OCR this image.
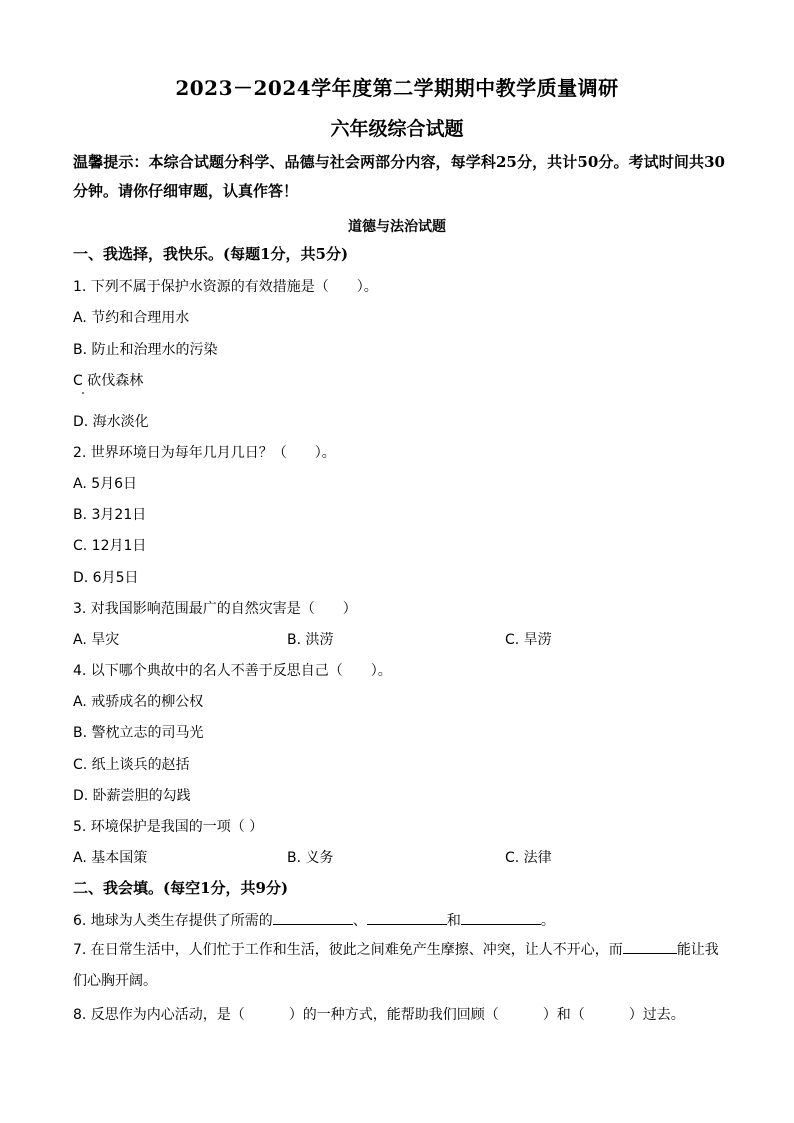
2023－2024学年度第二学期期中教学质量调研
六年级综合试题
温馨提示：本综合试题分科学、品德与社会两部分内容，每学科25分，共计50分。考试时间共30分钟。请你仔细审题，认真作答！
道德与法治试题
一、我选择，我快乐。(每题1分，共5分)
1. 下列不属于保护水资源的有效措施是（　　）。
A. 节约和合理用水
B. 防止和治理水的污染
C 砍伐森林
D. 海水淡化
2. 世界环境日为每年几月几日？（　　）。
A. 5月6日
B. 3月21日
C. 12月1日
D. 6月5日
3. 对我国影响范围最广的自然灾害是（　　）
A. 旱灾	B. 洪涝	C. 旱涝
4. 以下哪个典故中的名人不善于反思自己（　　）。
A. 戒骄成名的柳公权
B. 警枕立志的司马光
C. 纸上谈兵的赵括
D. 卧薪尝胆的勾践
5. 环境保护是我国的一项（ ）
A. 基本国策	B. 义务	C. 法律
二、我会填。(每空1分，共9分)
6. 地球为人类生存提供了所需的	、	和	。
7. 在日常生活中，人们忙于工作和生活，彼此之间难免产生摩擦、冲突，让人不开心，而	能让我们心胸开阔。
8. 反思作为内心活动，是（	）的一种方式，能帮助我们回顾（	）和（	）过去。
